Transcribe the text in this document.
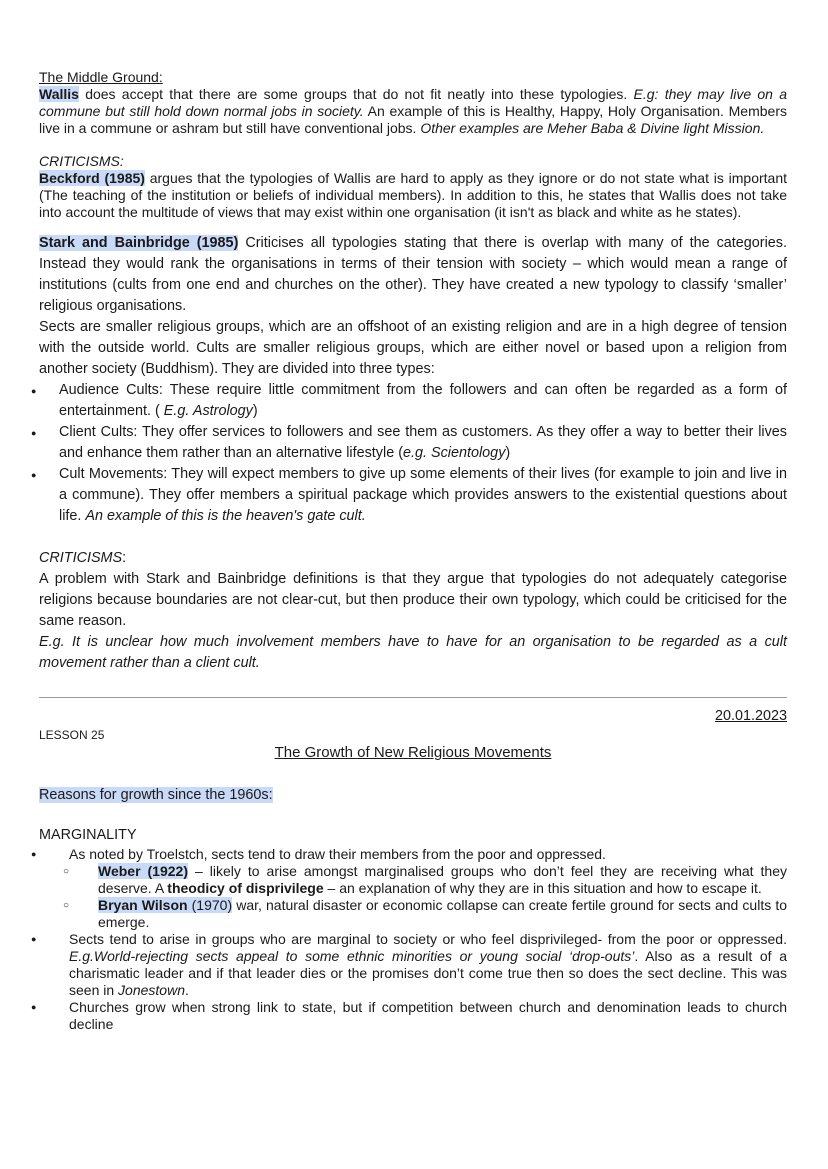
The Middle Ground:

Wallis does accept that there are some groups that do not fit neatly into these typologies. E.g: they may live on a commune but still hold down normal jobs in society. An example of this is Healthy, Happy, Holy Organisation. Members live in a commune or ashram but still have conventional jobs. Other examples are Meher Baba & Divine light Mission.

CRITICISMS:

Beckford (1985) argues that the typologies of Wallis are hard to apply as they ignore or do not state what is important (The teaching of the institution or beliefs of individual members). In addition to this, he states that Wallis does not take into account the multitude of views that may exist within one organisation (it isn't as black and white as he states).

Stark and Bainbridge (1985) Criticises all typologies stating that there is overlap with many of the categories. Instead they would rank the organisations in terms of their tension with society – which would mean a range of institutions (cults from one end and churches on the other). They have created a new typology to classify ‘smaller’ religious organisations.

Sects are smaller religious groups, which are an offshoot of an existing religion and are in a high degree of tension with the outside world. Cults are smaller religious groups, which are either novel or based upon a religion from another society (Buddhism). They are divided into three types:

● Audience Cults: These require little commitment from the followers and can often be regarded as a form of entertainment. ( E.g. Astrology)
● Client Cults: They offer services to followers and see them as customers. As they offer a way to better their lives and enhance them rather than an alternative lifestyle (e.g. Scientology)
● Cult Movements: They will expect members to give up some elements of their lives (for example to join and live in a commune). They offer members a spiritual package which provides answers to the existential questions about life. An example of this is the heaven's gate cult.

CRITICISMS:

A problem with Stark and Bainbridge definitions is that they argue that typologies do not adequately categorise religions because boundaries are not clear-cut, but then produce their own typology, which could be criticised for the same reason.

E.g. It is unclear how much involvement members have to have for an organisation to be regarded as a cult movement rather than a client cult.

20.01.2023

LESSON 25

The Growth of New Religious Movements

Reasons for growth since the 1960s:

MARGINALITY

● As noted by Troelstch, sects tend to draw their members from the poor and oppressed.
○ Weber (1922) – likely to arise amongst marginalised groups who don’t feel they are receiving what they deserve. A theodicy of disprivilege – an explanation of why they are in this situation and how to escape it.
○ Bryan Wilson (1970) war, natural disaster or economic collapse can create fertile ground for sects and cults to emerge.
● Sects tend to arise in groups who are marginal to society or who feel disprivileged- from the poor or oppressed. E.g.World-rejecting sects appeal to some ethnic minorities or young social ‘drop-outs’. Also as a result of a charismatic leader and if that leader dies or the promises don’t come true then so does the sect decline. This was seen in Jonestown.
● Churches grow when strong link to state, but if competition between church and denomination leads to church decline
